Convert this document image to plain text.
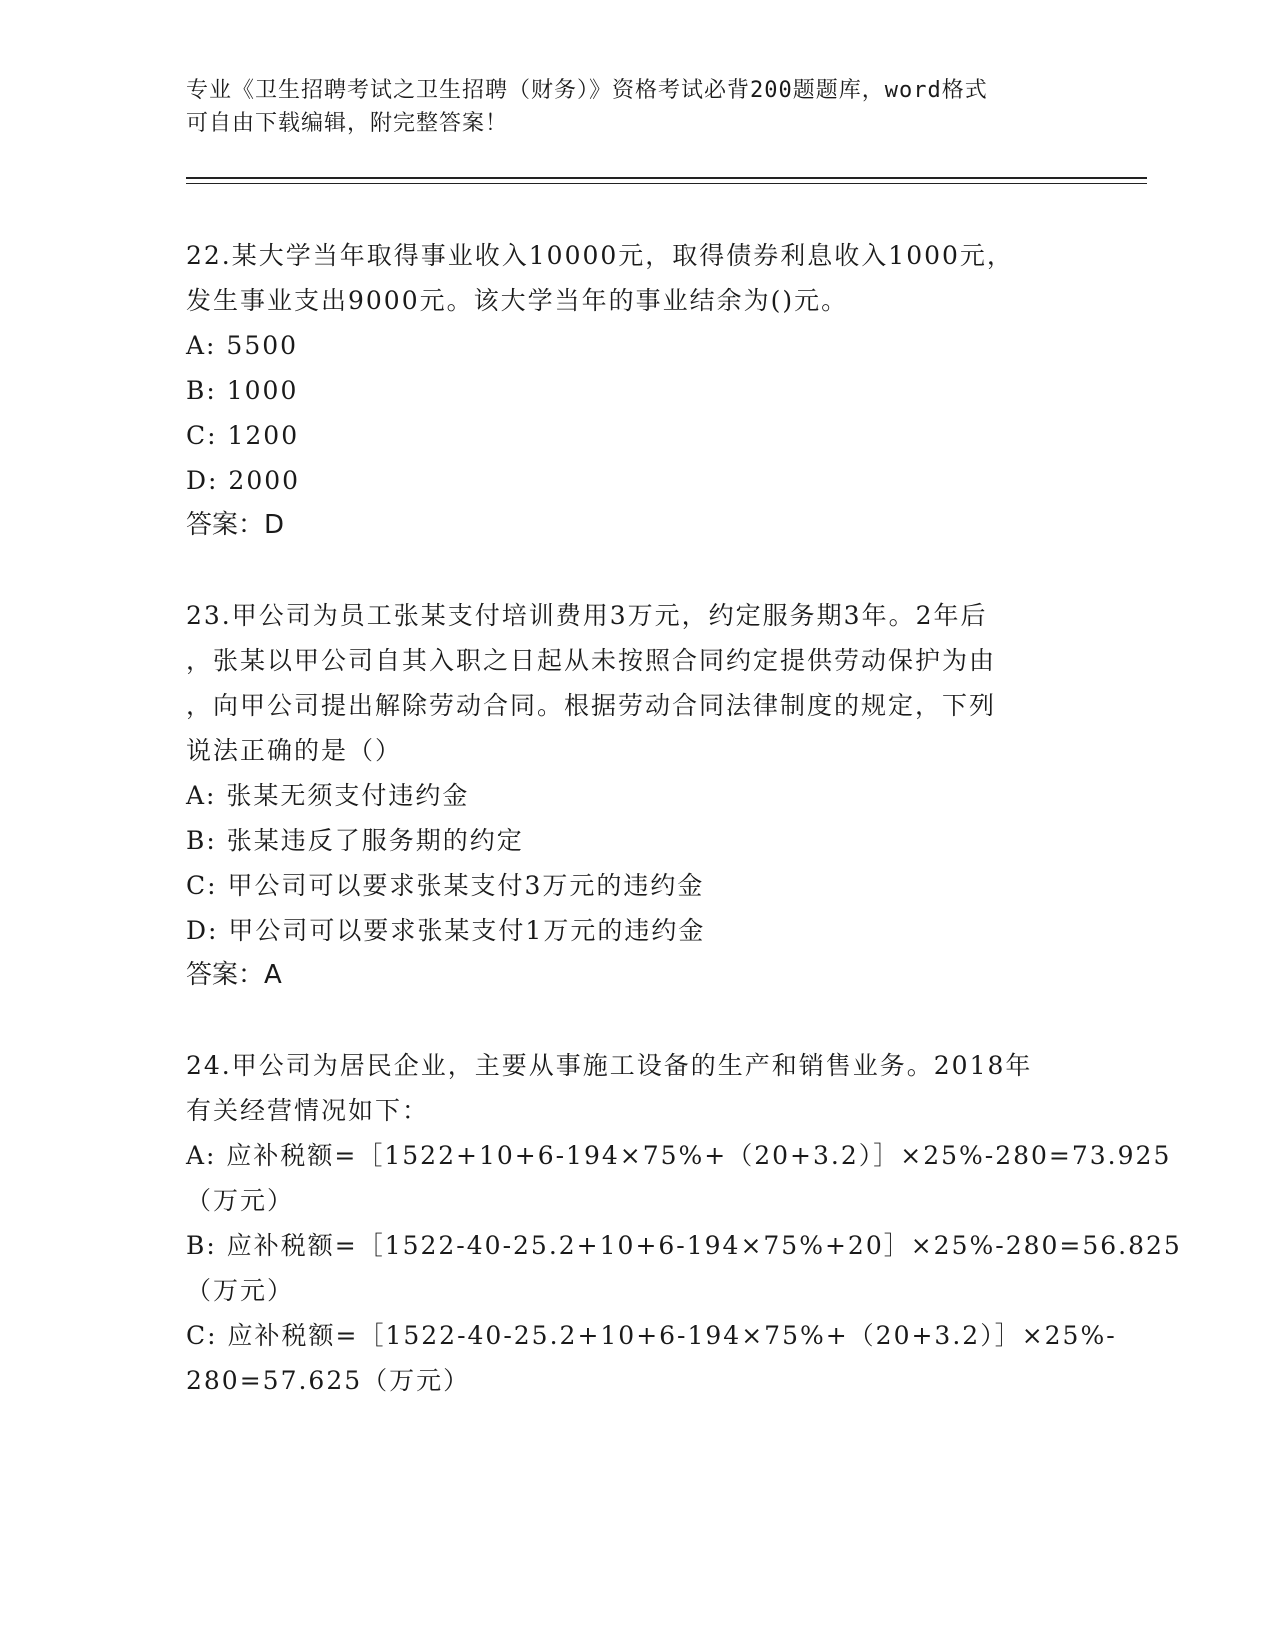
专业《卫生招聘考试之卫生招聘（财务）》资格考试必背200题题库，word格式
可自由下载编辑，附完整答案！
22.某大学当年取得事业收入10000元，取得债券利息收入1000元，
发生事业支出9000元。该大学当年的事业结余为()元。
A: 5500
B: 1000
C: 1200
D: 2000
答案：D
23.甲公司为员工张某支付培训费用3万元，约定服务期3年。2年后
，张某以甲公司自其入职之日起从未按照合同约定提供劳动保护为由
，向甲公司提出解除劳动合同。根据劳动合同法律制度的规定，下列
说法正确的是（）
A: 张某无须支付违约金
B: 张某违反了服务期的约定
C: 甲公司可以要求张某支付3万元的违约金
D: 甲公司可以要求张某支付1万元的违约金
答案：A
24.甲公司为居民企业，主要从事施工设备的生产和销售业务。2018年
有关经营情况如下：
A: 应补税额=［1522+10+6-194×75%+（20+3.2）］×25%-280=73.925
（万元）
B: 应补税额=［1522-40-25.2+10+6-194×75%+20］×25%-280=56.825
（万元）
C: 应补税额=［1522-40-25.2+10+6-194×75%+（20+3.2）］×25%-
280=57.625（万元）
